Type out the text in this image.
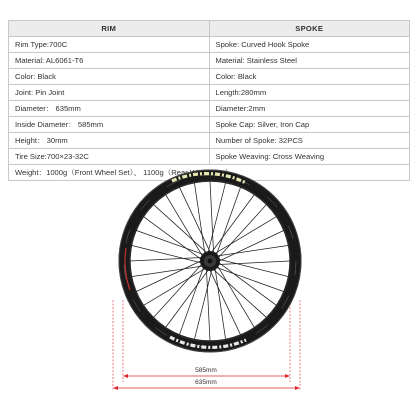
RIM	SPOKE
Rim Type:700C	Spoke: Curved Hook Spoke
Material: AL6061-T6	Material: Stainless Steel
Color: Black	Color: Black
Joint: Pin Joint	Length:280mm
Diameter： 635mm	Diameter:2mm
Inside Diameter： 585mm	Spoke Cap: Silver, Iron Cap
Height： 30mm	Number of Spoke: 32PCS
Tire Size:700×23-32C	Spoke Weaving: Cross Weaving
Weight：1000g（Front Wheel Set）、 1100g（Rear Wheel Set）	
585mm
635mm
